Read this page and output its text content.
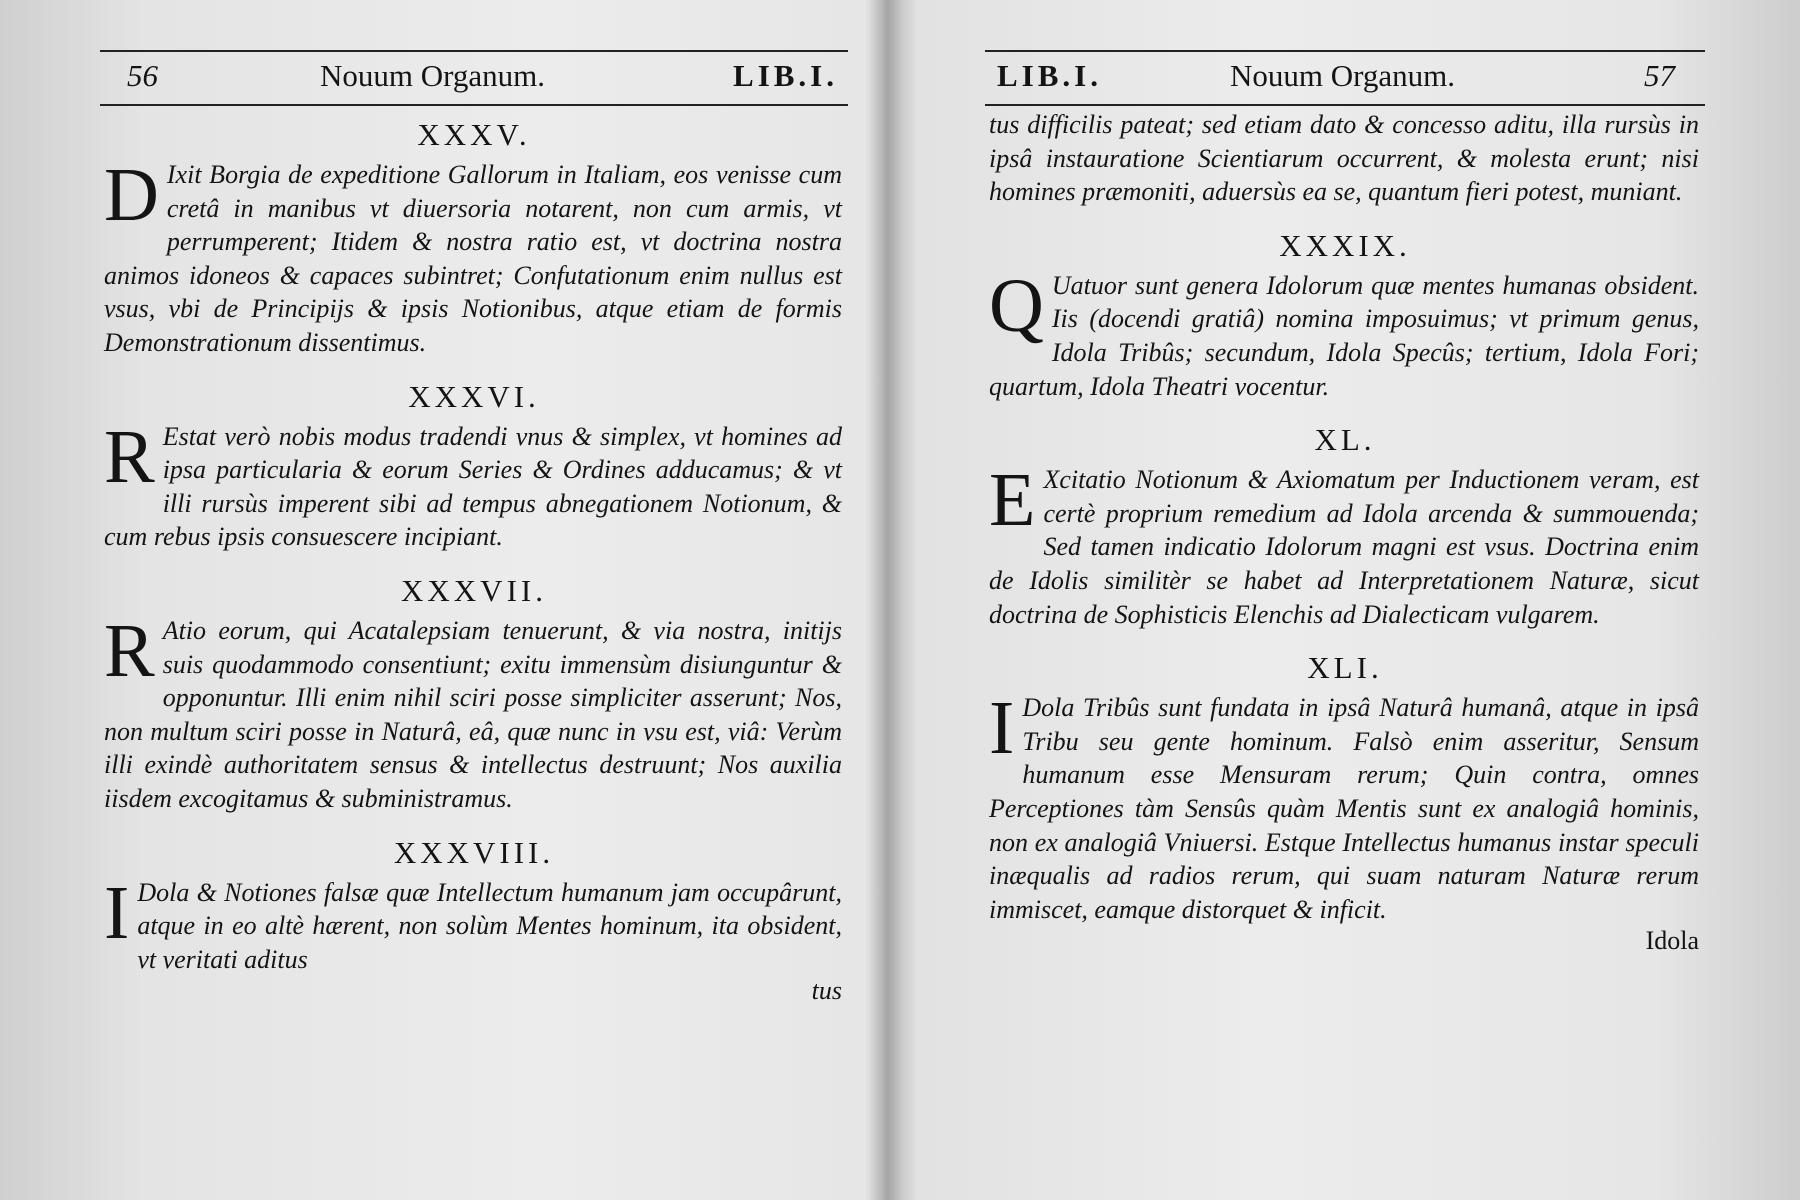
56	Nouum Organum.	LIB.I.
XXXV.
D Ixit Borgia de expeditione Gallorum in Italiam, eos venisse cum cretâ in manibus vt diuersoria notarent, non cum armis, vt perrumperent; Itidem & nostra ratio est, vt doctrina nostra animos idoneos & capaces subintret; Confutationum enim nullus est vsus, vbi de Principijs & ipsis Notionibus, atque etiam de formis Demonstrationum dissentimus.
XXXVI.
R Estat verò nobis modus tradendi vnus & simplex, vt homines ad ipsa particularia & eorum Series & Ordines adducamus; & vt illi rursùs imperent sibi ad tempus abnegationem Notionum, & cum rebus ipsis consuescere incipiant.
XXXVII.
R Atio eorum, qui Acatalepsiam tenuerunt, & via nostra, initijs suis quodammodo consentiunt; exitu immensùm disiunguntur & opponuntur. Illi enim nihil sciri posse simpliciter asserunt; Nos, non multum sciri posse in Naturâ, eâ, quæ nunc in vsu est, viâ: Verùm illi exindè authoritatem sensus & intellectus destruunt; Nos auxilia iisdem excogitamus & subministramus.
XXXVIII.
I Dola & Notiones falsæ quæ Intellectum humanum jam occupârunt, atque in eo altè hærent, non solùm Mentes hominum, ita obsident, vt veritati aditus
tus
LIB.I.	Nouum Organum.	57
tus difficilis pateat; sed etiam dato & concesso aditu, illa rursùs in ipsâ instauratione Scientiarum occurrent, & molesta erunt; nisi homines præmoniti, aduersùs ea se, quantum fieri potest, muniant.
XXXIX.
Q Uatuor sunt genera Idolorum quæ mentes humanas obsident. Iis (docendi gratiâ) nomina imposuimus; vt primum genus, Idola Tribûs; secundum, Idola Specûs; tertium, Idola Fori; quartum, Idola Theatri vocentur.
XL.
E Xcitatio Notionum & Axiomatum per Inductionem veram, est certè proprium remedium ad Idola arcenda & summouenda; Sed tamen indicatio Idolorum magni est vsus. Doctrina enim de Idolis similitèr se habet ad Interpretationem Naturæ, sicut doctrina de Sophisticis Elenchis ad Dialecticam vulgarem.
XLI.
I Dola Tribûs sunt fundata in ipsâ Naturâ humanâ, atque in ipsâ Tribu seu gente hominum. Falsò enim asseritur, Sensum humanum esse Mensuram rerum; Quin contra, omnes Perceptiones tàm Sensûs quàm Mentis sunt ex analogiâ hominis, non ex analogiâ Vniuersi. Estque Intellectus humanus instar speculi inæqualis ad radios rerum, qui suam naturam Naturæ rerum immiscet, eamque distorquet & inficit.
Idola
